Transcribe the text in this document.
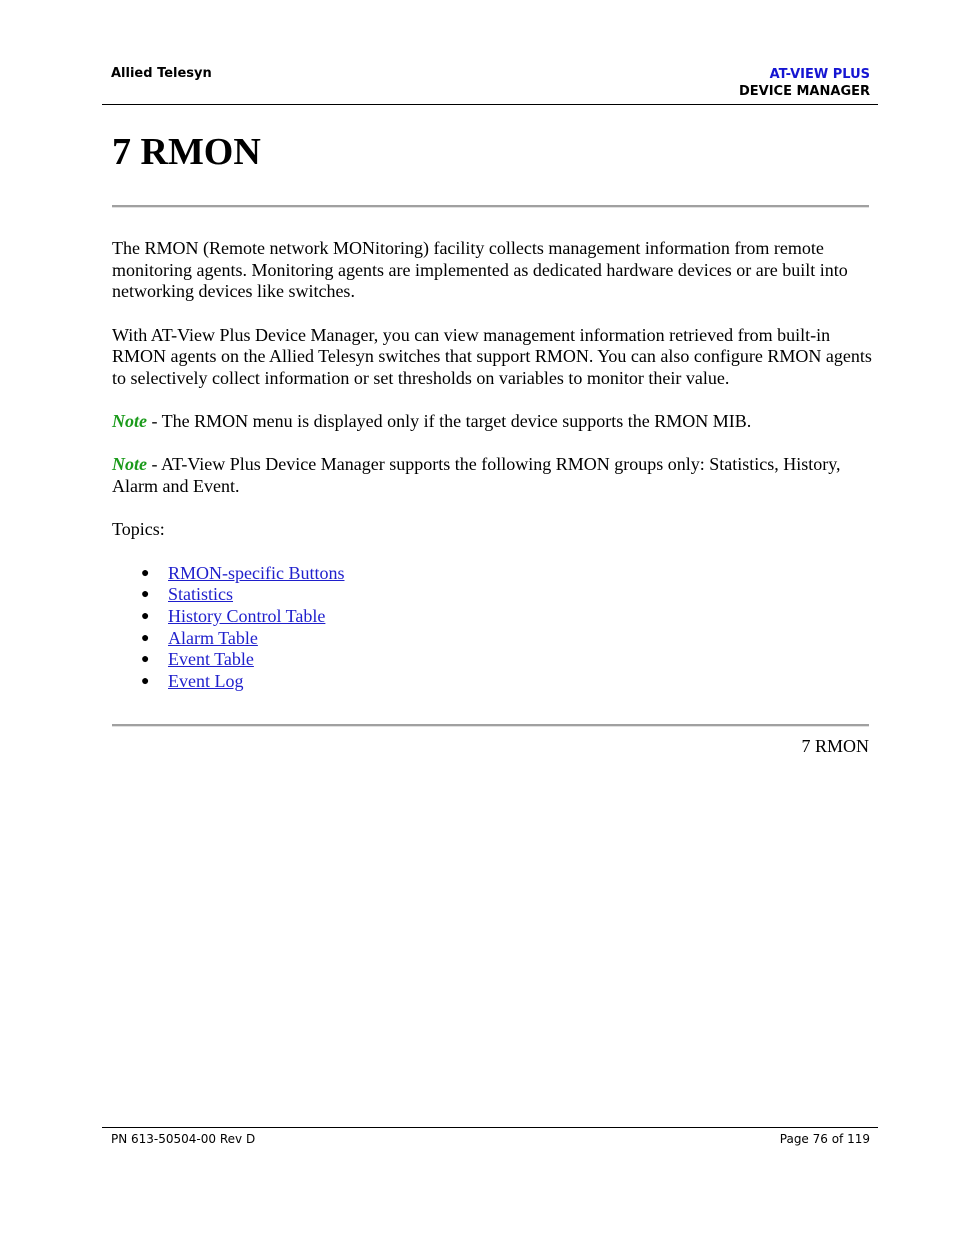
Allied Telesyn	AT-VIEW PLUS
DEVICE MANAGER
7 RMON

The RMON (Remote network MONitoring) facility collects management information from remote monitoring agents. Monitoring agents are implemented as dedicated hardware devices or are built into networking devices like switches.

With AT-View Plus Device Manager, you can view management information retrieved from built-in RMON agents on the Allied Telesyn switches that support RMON. You can also configure RMON agents to selectively collect information or set thresholds on variables to monitor their value.

Note - The RMON menu is displayed only if the target device supports the RMON MIB.

Note - AT-View Plus Device Manager supports the following RMON groups only: Statistics, History, Alarm and Event.

Topics:

● RMON-specific Buttons
● Statistics
● History Control Table
● Alarm Table
● Event Table
● Event Log
7 RMON
PN 613-50504-00 Rev D	Page 76 of 119
